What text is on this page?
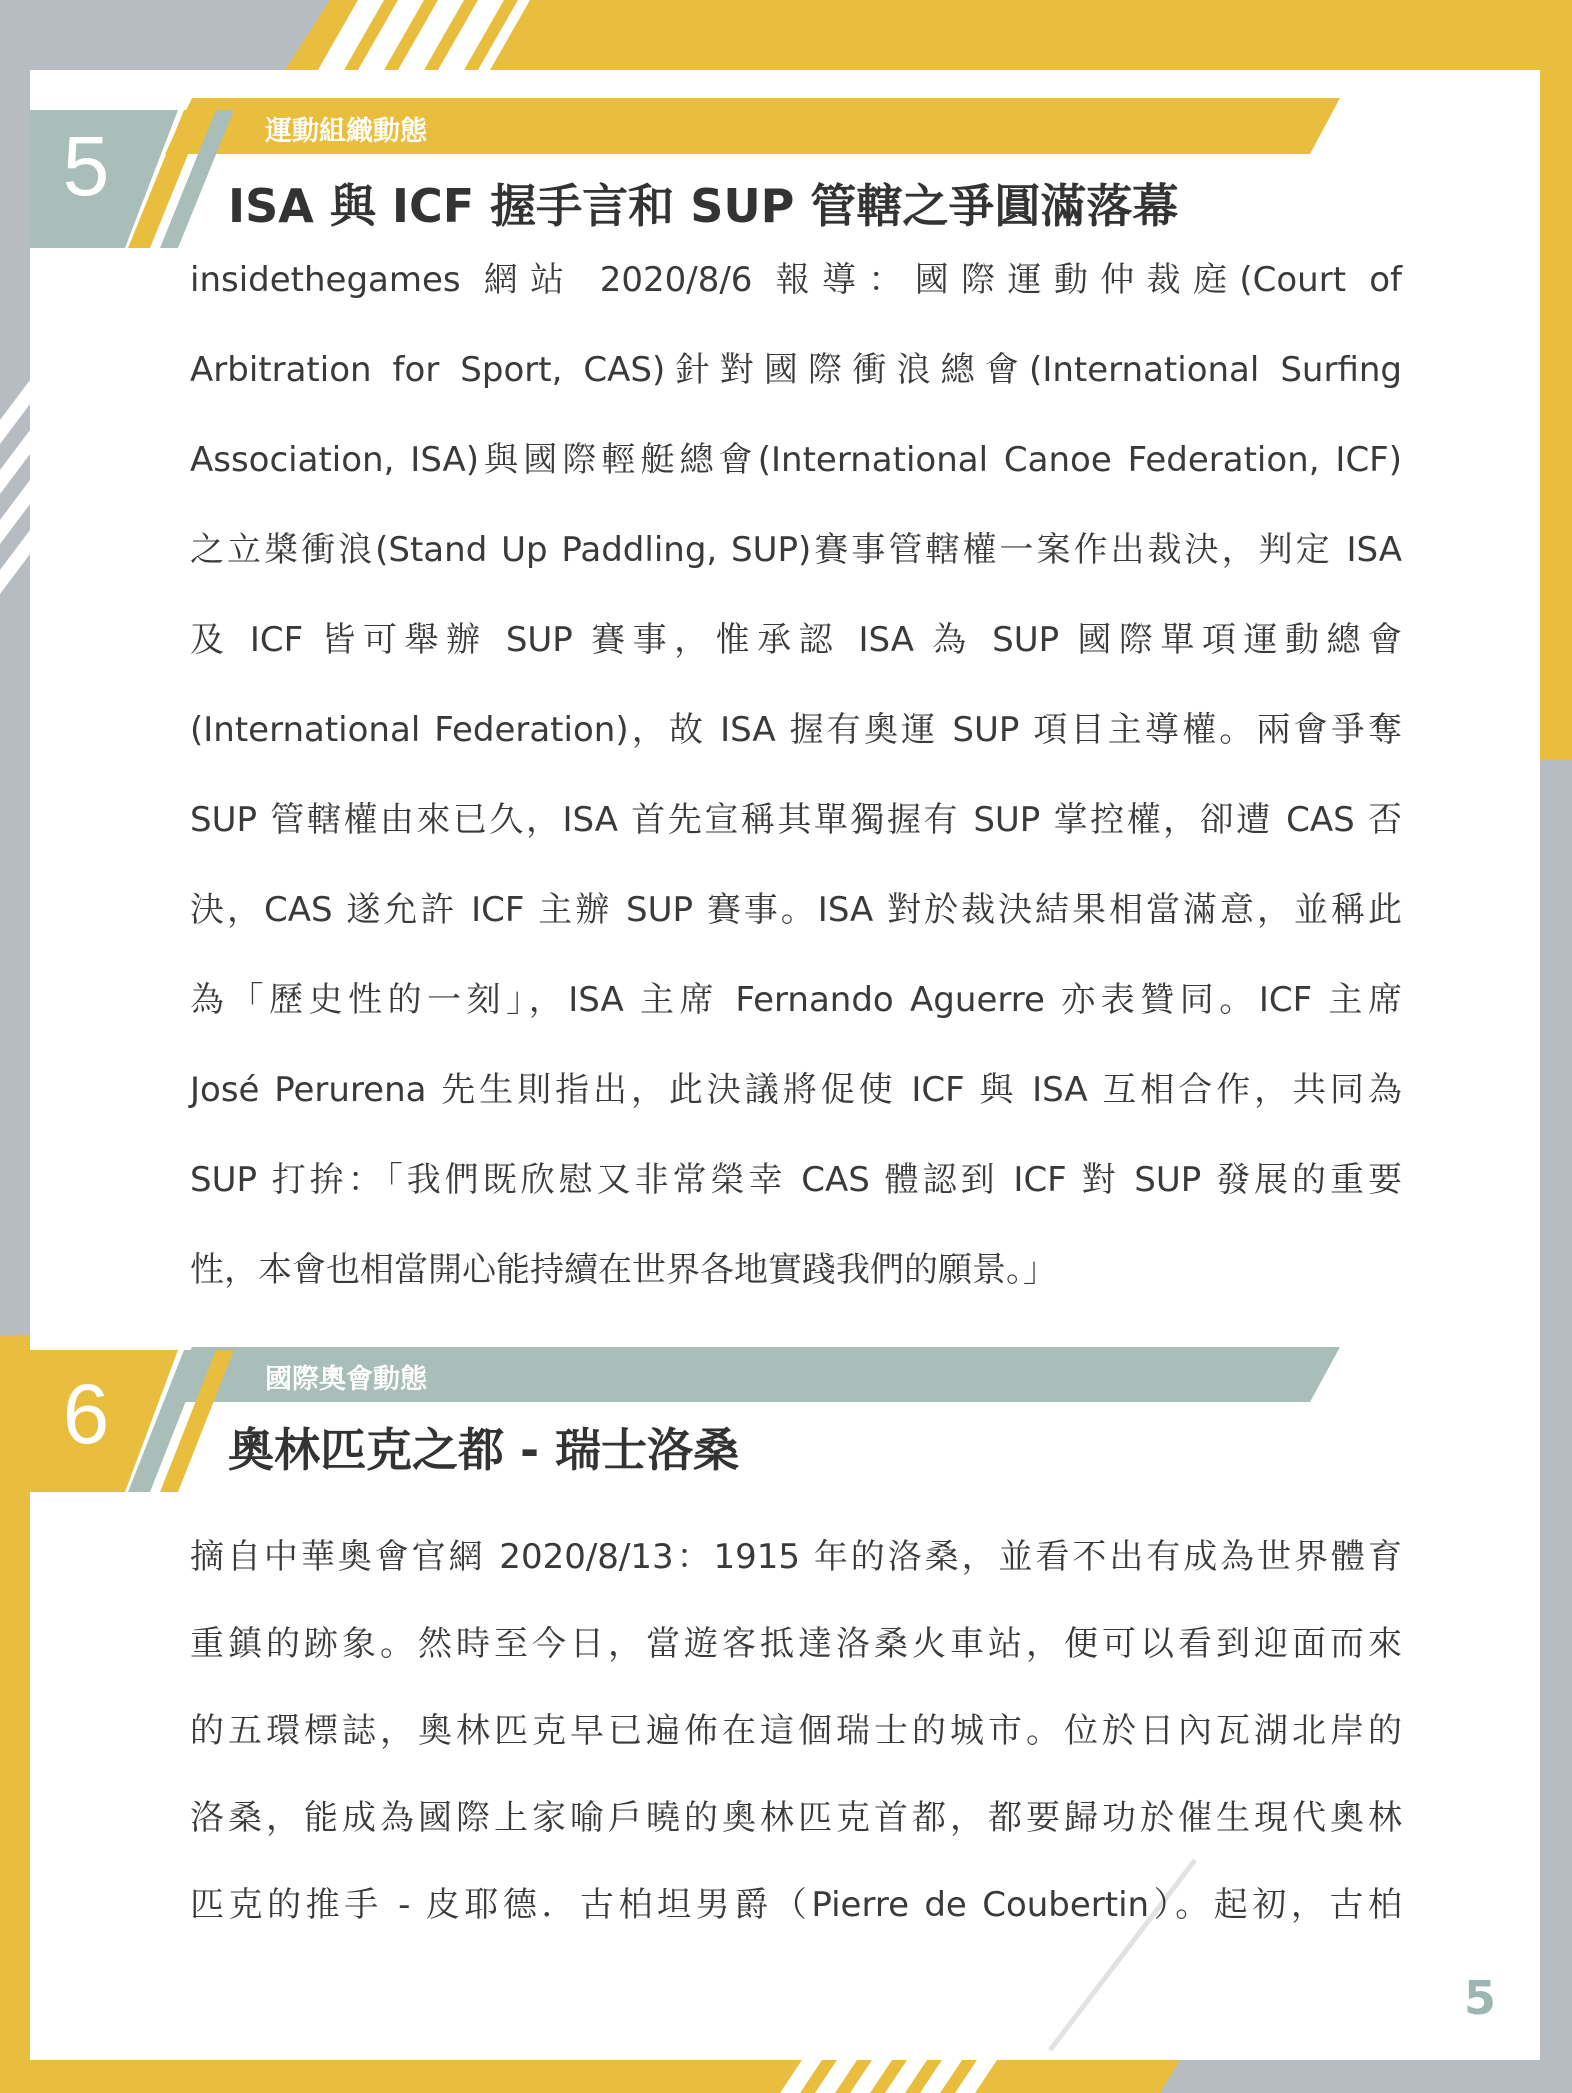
5	運動組織動態
ISA 與 ICF 握手言和 SUP 管轄之爭圓滿落幕
insidethegames 網站 2020/8/6 報導：國際運動仲裁庭(Court of
Arbitration for Sport, CAS)針對國際衝浪總會(International Surfing
Association, ISA)與國際輕艇總會(International Canoe Federation, ICF)
之立槳衝浪(Stand Up Paddling, SUP)賽事管轄權一案作出裁決，判定 ISA
及 ICF 皆可舉辦 SUP 賽事，惟承認 ISA 為 SUP 國際單項運動總會
(International Federation)，故 ISA 握有奧運 SUP 項目主導權。兩會爭奪
SUP 管轄權由來已久，ISA 首先宣稱其單獨握有 SUP 掌控權，卻遭 CAS 否
決，CAS 遂允許 ICF 主辦 SUP 賽事。ISA 對於裁決結果相當滿意，並稱此
為「歷史性的一刻」，ISA 主席 Fernando Aguerre 亦表贊同。ICF 主席
José Perurena 先生則指出，此決議將促使 ICF 與 ISA 互相合作，共同為
SUP 打拚：「我們既欣慰又非常榮幸 CAS 體認到 ICF 對 SUP 發展的重要
性，本會也相當開心能持續在世界各地實踐我們的願景。」
6	國際奧會動態
奧林匹克之都 - 瑞士洛桑
摘自中華奧會官網 2020/8/13：1915 年的洛桑，並看不出有成為世界體育
重鎮的跡象。然時至今日，當遊客抵達洛桑火車站，便可以看到迎面而來
的五環標誌，奧林匹克早已遍佈在這個瑞士的城市。位於日內瓦湖北岸的
洛桑，能成為國際上家喻戶曉的奧林匹克首都，都要歸功於催生現代奧林
匹克的推手 - 皮耶德．古柏坦男爵（Pierre de Coubertin）。起初，古柏
5
